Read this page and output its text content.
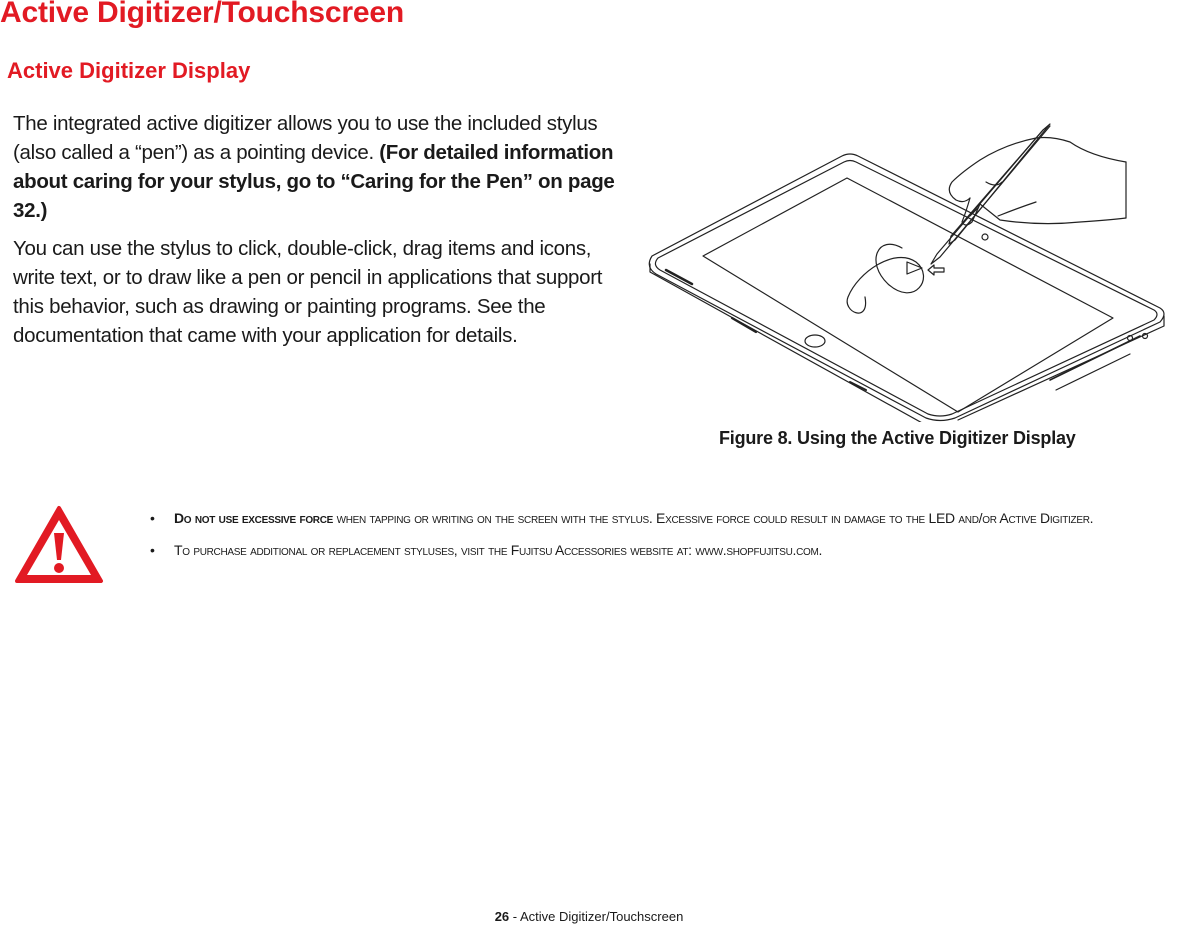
Active Digitizer/Touchscreen
Active Digitizer Display

The integrated active digitizer allows you to use the included stylus (also called a “pen”) as a pointing device. (For detailed information about caring for your stylus, go to “Caring for the Pen” on page 32.)

You can use the stylus to click, double-click, drag items and icons, write text, or to draw like a pen or pencil in applications that support this behavior, such as drawing or painting programs. See the documentation that came with your application for details.

Figure 8. Using the Active Digitizer Display

• Do not use excessive force when tapping or writing on the screen with the stylus. Excessive force could result in damage to the LED and/or Active Digitizer.
• To purchase additional or replacement styluses, visit the Fujitsu Accessories website at: www.shopfujitsu.com.
26 - Active Digitizer/Touchscreen
